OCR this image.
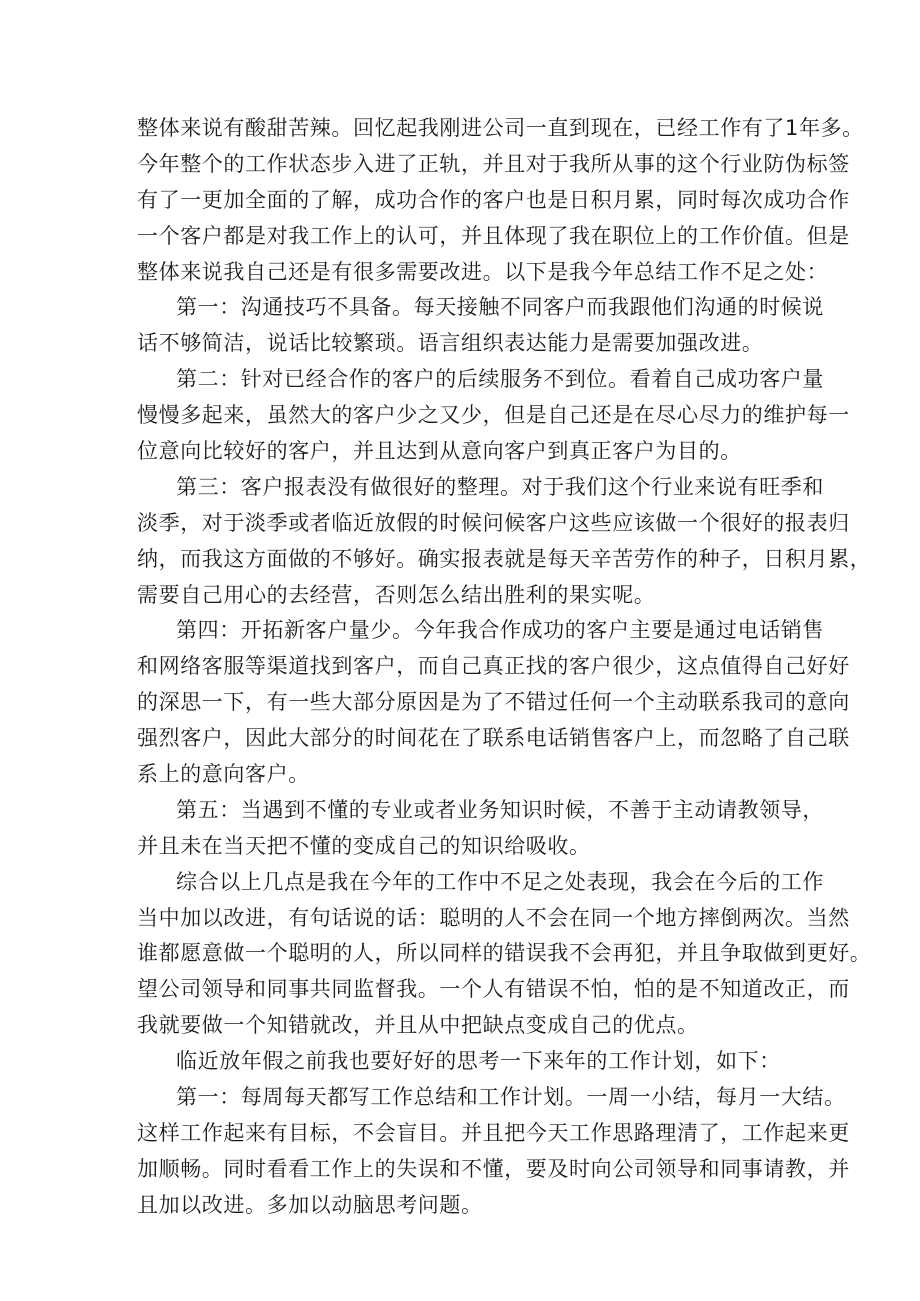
整体来说有酸甜苦辣。回忆起我刚进公司一直到现在，已经工作有了1年多。
今年整个的工作状态步入进了正轨，并且对于我所从事的这个行业防伪标签
有了一更加全面的了解，成功合作的客户也是日积月累，同时每次成功合作
一个客户都是对我工作上的认可，并且体现了我在职位上的工作价值。但是
整体来说我自己还是有很多需要改进。以下是我今年总结工作不足之处：
第一：沟通技巧不具备。每天接触不同客户而我跟他们沟通的时候说
话不够简洁，说话比较繁琐。语言组织表达能力是需要加强改进。
第二：针对已经合作的客户的后续服务不到位。看着自己成功客户量
慢慢多起来，虽然大的客户少之又少，但是自己还是在尽心尽力的维护每一
位意向比较好的客户，并且达到从意向客户到真正客户为目的。
第三：客户报表没有做很好的整理。对于我们这个行业来说有旺季和
淡季，对于淡季或者临近放假的时候问候客户这些应该做一个很好的报表归
纳，而我这方面做的不够好。确实报表就是每天辛苦劳作的种子，日积月累，
需要自己用心的去经营，否则怎么结出胜利的果实呢。
第四：开拓新客户量少。今年我合作成功的客户主要是通过电话销售
和网络客服等渠道找到客户，而自己真正找的客户很少，这点值得自己好好
的深思一下，有一些大部分原因是为了不错过任何一个主动联系我司的意向
强烈客户，因此大部分的时间花在了联系电话销售客户上，而忽略了自己联
系上的意向客户。
第五：当遇到不懂的专业或者业务知识时候，不善于主动请教领导，
并且未在当天把不懂的变成自己的知识给吸收。
综合以上几点是我在今年的工作中不足之处表现，我会在今后的工作
当中加以改进，有句话说的话：聪明的人不会在同一个地方摔倒两次。当然
谁都愿意做一个聪明的人，所以同样的错误我不会再犯，并且争取做到更好。
望公司领导和同事共同监督我。一个人有错误不怕，怕的是不知道改正，而
我就要做一个知错就改，并且从中把缺点变成自己的优点。
临近放年假之前我也要好好的思考一下来年的工作计划，如下：
第一：每周每天都写工作总结和工作计划。一周一小结，每月一大结。
这样工作起来有目标，不会盲目。并且把今天工作思路理清了，工作起来更
加顺畅。同时看看工作上的失误和不懂，要及时向公司领导和同事请教，并
且加以改进。多加以动脑思考问题。
